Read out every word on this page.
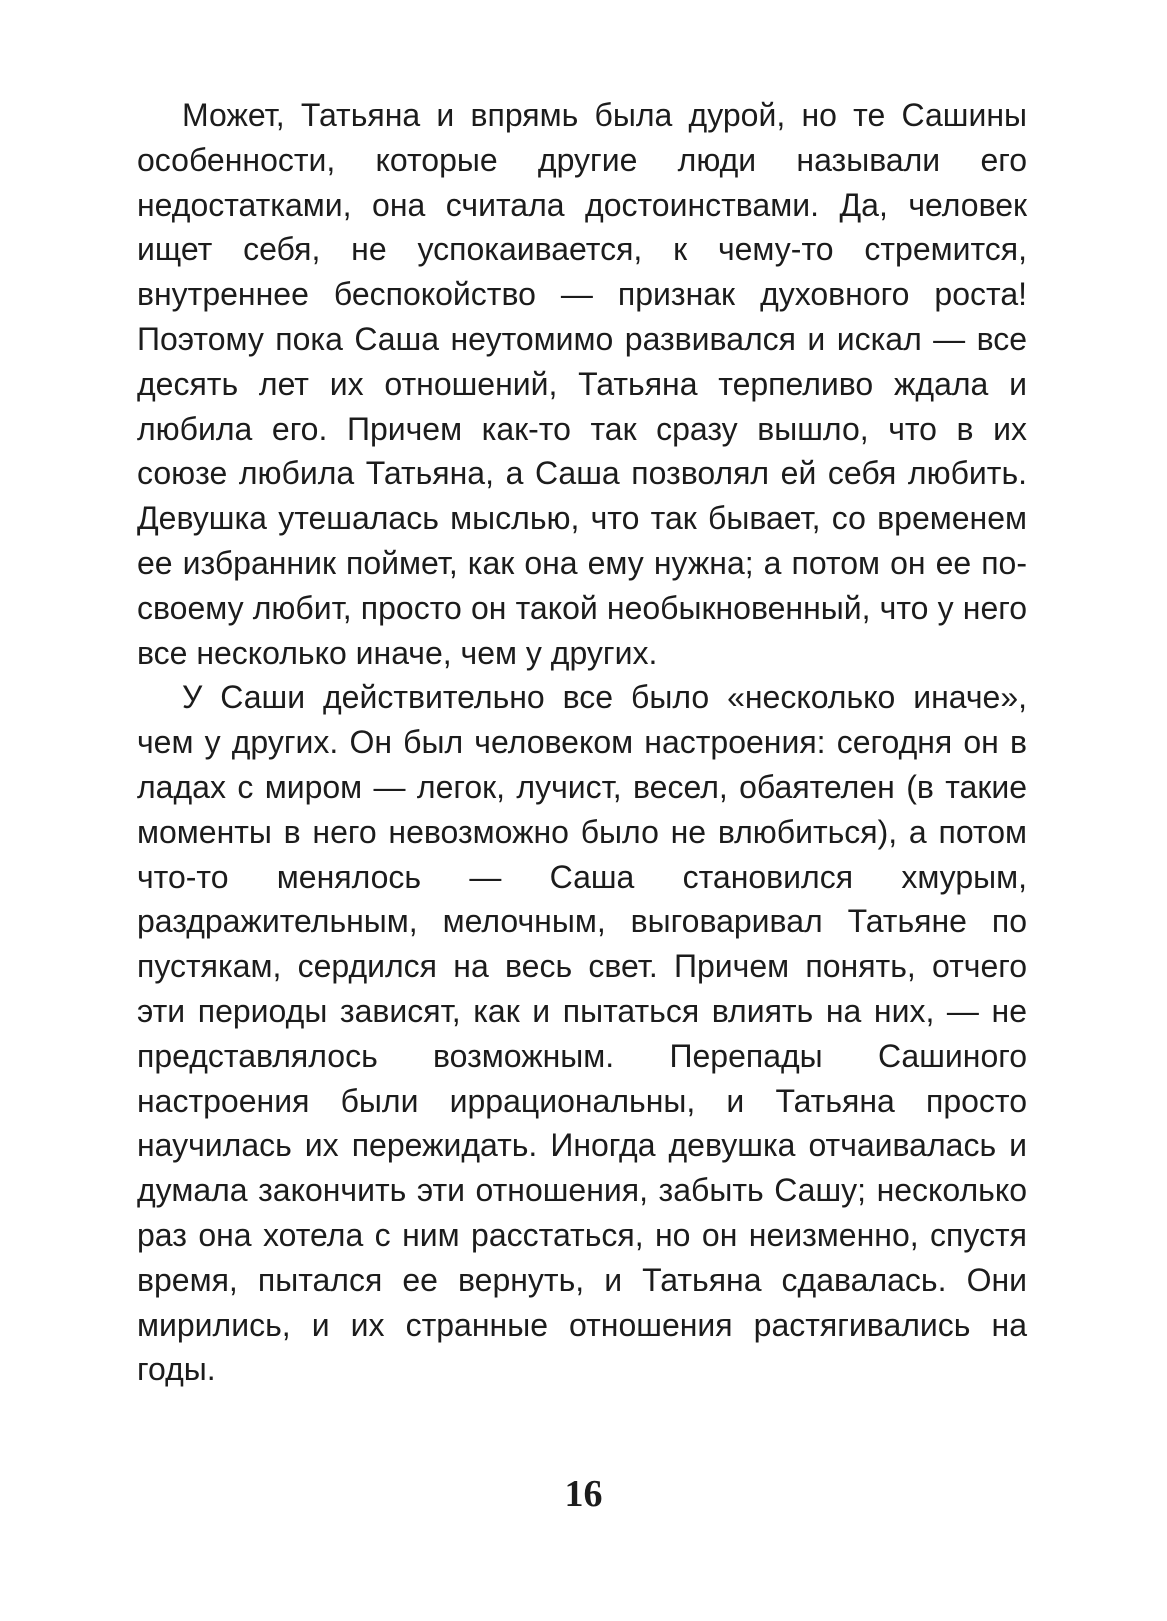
Может, Татьяна и впрямь была дурой, но те Сашины особенности, которые другие люди называли его недостатками, она считала достоинствами. Да, человек ищет себя, не успокаивается, к чему-то стремится, внутреннее беспокойство — признак духовного роста! Поэтому пока Саша неутомимо развивался и искал — все десять лет их отношений, Татьяна терпеливо ждала и любила его. Причем как-то так сразу вышло, что в их союзе любила Татьяна, а Саша позволял ей себя любить. Девушка утешалась мыслью, что так бывает, со временем ее избранник поймет, как она ему нужна; а потом он ее по-своему любит, просто он такой необыкновенный, что у него все несколько иначе, чем у других.

У Саши действительно все было «несколько иначе», чем у других. Он был человеком настроения: сегодня он в ладах с миром — легок, лучист, весел, обаятелен (в такие моменты в него невозможно было не влюбиться), а потом что-то менялось — Саша становился хмурым, раздражительным, мелочным, выговаривал Татьяне по пустякам, сердился на весь свет. Причем понять, отчего эти периоды зависят, как и пытаться влиять на них, — не представлялось возможным. Перепады Сашиного настроения были иррациональны, и Татьяна просто научилась их пережидать. Иногда девушка отчаивалась и думала закончить эти отношения, забыть Сашу; несколько раз она хотела с ним расстаться, но он неизменно, спустя время, пытался ее вернуть, и Татьяна сдавалась. Они мирились, и их странные отношения растягивались на годы.

16
